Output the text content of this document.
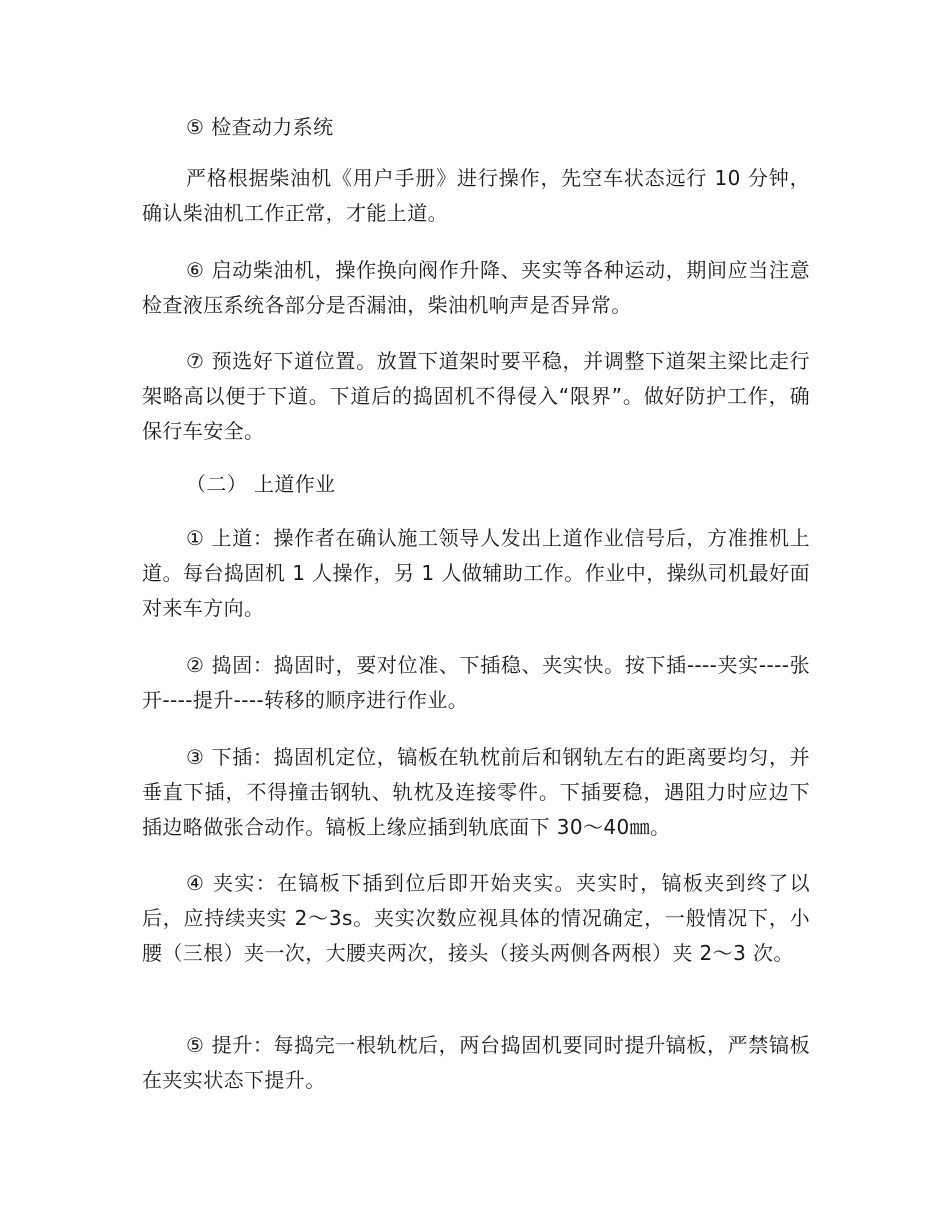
⑤ 检查动力系统

严格根据柴油机《用户手册》进行操作，先空车状态远行 10 分钟，确认柴油机工作正常，才能上道。

⑥ 启动柴油机，操作换向阀作升降、夹实等各种运动，期间应当注意检查液压系统各部分是否漏油，柴油机响声是否异常。

⑦ 预选好下道位置。放置下道架时要平稳，并调整下道架主梁比走行架略高以便于下道。下道后的捣固机不得侵入“限界”。做好防护工作，确保行车安全。

（二） 上道作业

① 上道：操作者在确认施工领导人发出上道作业信号后，方准推机上道。每台捣固机 1 人操作，另 1 人做辅助工作。作业中，操纵司机最好面对来车方向。

② 捣固：捣固时，要对位准、下插稳、夹实快。按下插----夹实----张开----提升----转移的顺序进行作业。

③ 下插：捣固机定位，镐板在轨枕前后和钢轨左右的距离要均匀，并垂直下插，不得撞击钢轨、轨枕及连接零件。下插要稳，遇阻力时应边下插边略做张合动作。镐板上缘应插到轨底面下 30～40㎜。

④ 夹实：在镐板下插到位后即开始夹实。夹实时，镐板夹到终了以后，应持续夹实 2～3s。夹实次数应视具体的情况确定，一般情况下，小腰（三根）夹一次，大腰夹两次，接头（接头两侧各两根）夹 2～3 次。

⑤ 提升：每捣完一根轨枕后，两台捣固机要同时提升镐板，严禁镐板在夹实状态下提升。
